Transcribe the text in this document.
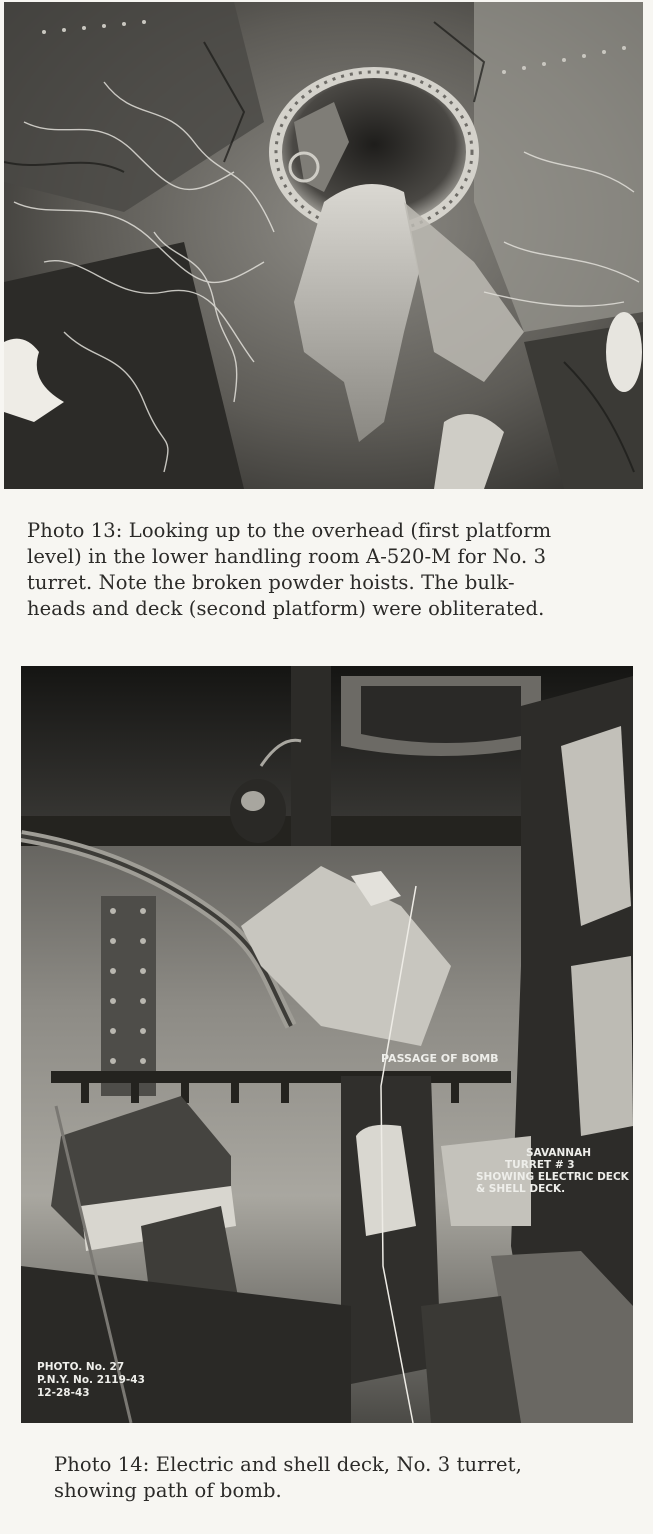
Photo 13: Looking up to the overhead (first platform
level) in the lower handling room A-520-M for No. 3
turret. Note the broken powder hoists. The bulk-
heads and deck (second platform) were obliterated.
PASSAGE OF BOMB
SAVANNAH
TURRET # 3
SHOWING ELECTRIC DECK
& SHELL DECK.
PHOTO. No. 27
P.N.Y. No. 2119-43
12-28-43
Photo 14: Electric and shell deck, No. 3 turret,
showing path of bomb.
